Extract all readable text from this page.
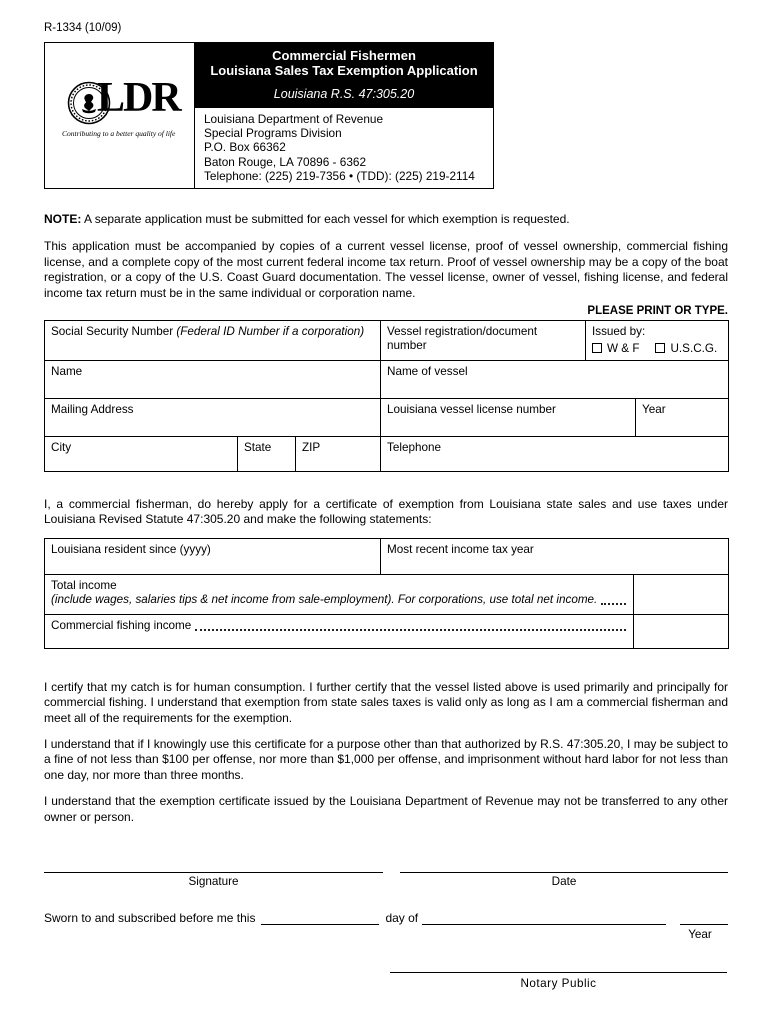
R-1334 (10/09)
LDR
Contributing to a better quality of life
Commercial Fishermen
Louisiana Sales Tax Exemption Application
Louisiana R.S. 47:305.20
Louisiana Department of Revenue
Special Programs Division
P.O. Box 66362
Baton Rouge, LA 70896 - 6362
Telephone: (225) 219-7356 • (TDD): (225) 219-2114

NOTE: A separate application must be submitted for each vessel for which exemption is requested.

This application must be accompanied by copies of a current vessel license, proof of vessel ownership, commercial fishing license, and a complete copy of the most current federal income tax return. Proof of vessel ownership may be a copy of the boat registration, or a copy of the U.S. Coast Guard documentation. The vessel license, owner of vessel, fishing license, and federal income tax return must be in the same individual or corporation name.

PLEASE PRINT OR TYPE.
Social Security Number (Federal ID Number if a corporation)			Vessel registration/document number	Issued by:
W & F U.S.C.G.	

Name			Name of vessel		
Mailing Address			Louisiana vessel license number		Year
City	State	ZIP	Telephone		

I, a commercial fisherman, do hereby apply for a certificate of exemption from Louisiana state sales and use taxes under Louisiana Revised Statute 47:305.20 and make the following statements:

Louisiana resident since (yyyy)	Most recent income tax year	

Total income
(include wages, salaries tips & net income from sale-employment). For corporations, use total net income.		

Commercial fishing income		

I certify that my catch is for human consumption. I further certify that the vessel listed above is used primarily and principally for commercial fishing. I understand that exemption from state sales taxes is valid only as long as I am a commercial fisherman and meet all of the requirements for the exemption.

I understand that if I knowingly use this certificate for a purpose other than that authorized by R.S. 47:305.20, I may be subject to a fine of not less than $100 per offense, nor more than $1,000 per offense, and imprisonment without hard labor for not less than one day, nor more than three months.

I understand that the exemption certificate issued by the Louisiana Department of Revenue may not be transferred to any other owner or person.

Signature	Date
Sworn to and subscribed before me this	day of
Year
Notary Public
